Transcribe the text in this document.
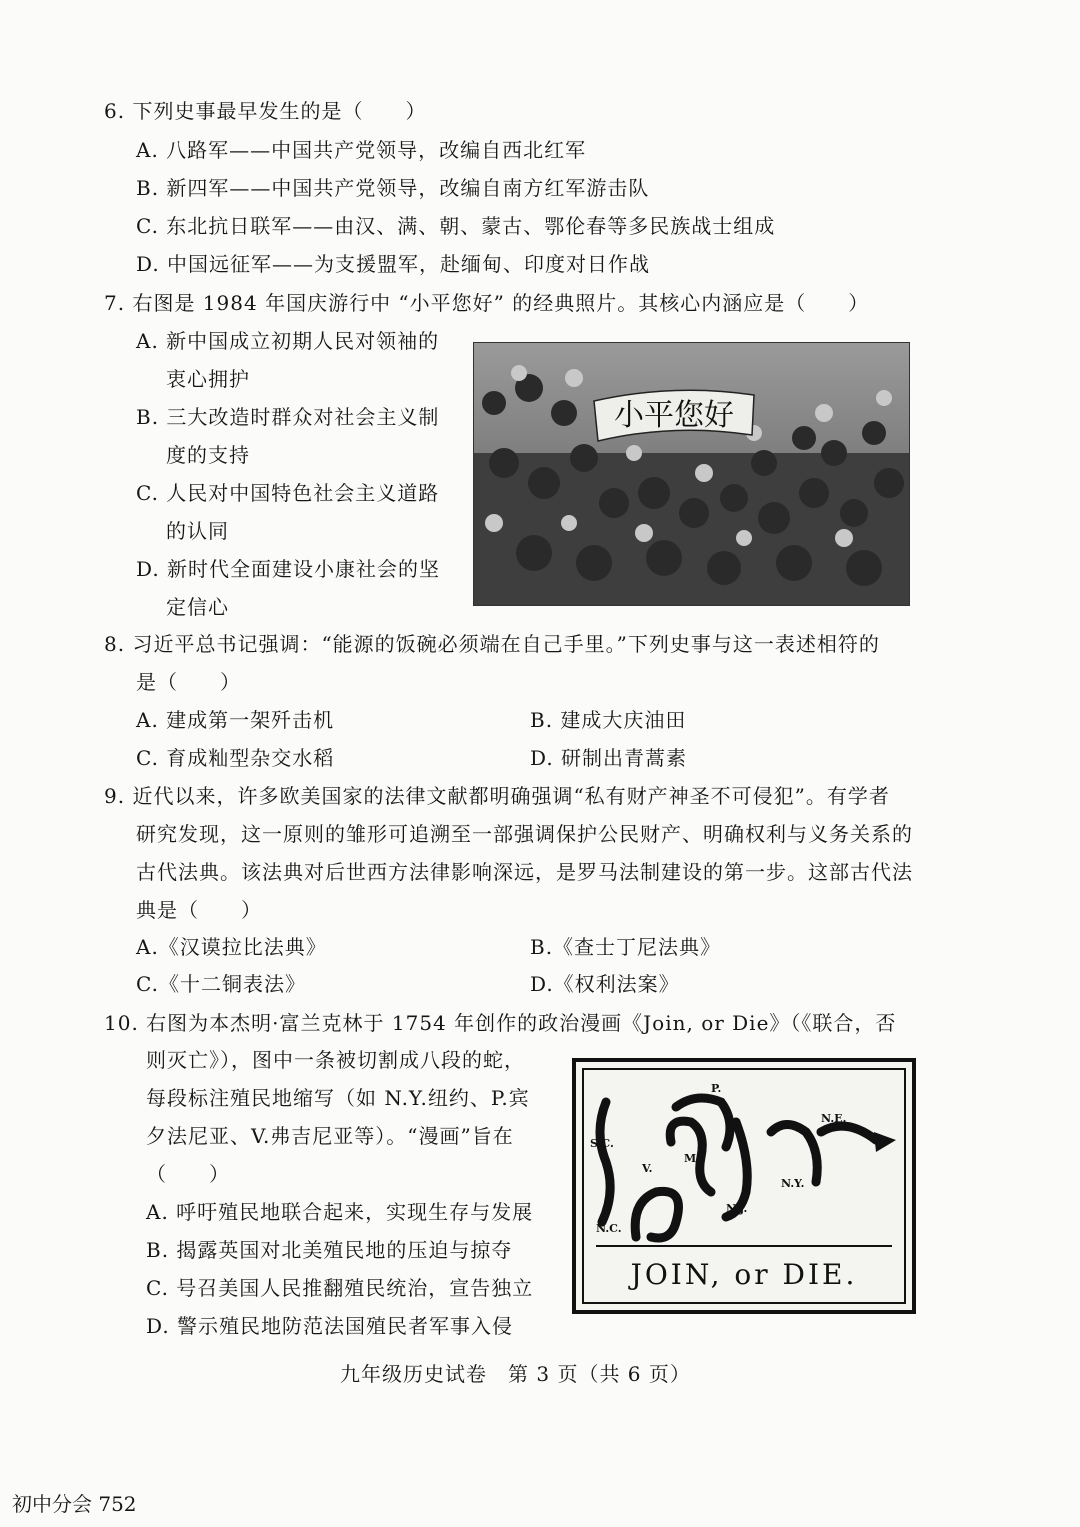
6. 下列史事最早发生的是（　　）
A. 八路军——中国共产党领导，改编自西北红军
B. 新四军——中国共产党领导，改编自南方红军游击队
C. 东北抗日联军——由汉、满、朝、蒙古、鄂伦春等多民族战士组成
D. 中国远征军——为支援盟军，赴缅甸、印度对日作战
7. 右图是 1984 年国庆游行中 “小平您好” 的经典照片。其核心内涵应是（　　）
A. 新中国成立初期人民对领袖的
衷心拥护
B. 三大改造时群众对社会主义制
度的支持
C. 人民对中国特色社会主义道路
的认同
D. 新时代全面建设小康社会的坚
定信心
小平您好
8. 习近平总书记强调：“能源的饭碗必须端在自己手里。”下列史事与这一表述相符的
是（　　）
A. 建成第一架歼击机	B. 建成大庆油田
C. 育成籼型杂交水稻	D. 研制出青蒿素
9. 近代以来，许多欧美国家的法律文献都明确强调“私有财产神圣不可侵犯”。有学者
研究发现，这一原则的雏形可追溯至一部强调保护公民财产、明确权利与义务关系的
古代法典。该法典对后世西方法律影响深远，是罗马法制建设的第一步。这部古代法
典是（　　）
A.《汉谟拉比法典》	B.《查士丁尼法典》
C.《十二铜表法》	D.《权利法案》
10. 右图为本杰明·富兰克林于 1754 年创作的政治漫画《Join, or Die》（《联合，否
则灭亡》），图中一条被切割成八段的蛇，
每段标注殖民地缩写（如 N.Y.纽约、P.宾
夕法尼亚、V.弗吉尼亚等）。“漫画”旨在
（　　）
A. 呼吁殖民地联合起来，实现生存与发展
B. 揭露英国对北美殖民地的压迫与掠夺
C. 号召美国人民推翻殖民统治，宣告独立
D. 警示殖民地防范法国殖民者军事入侵
S.C.
N.C.
V.
M.
P.
N.J.
N.Y.
N.E.
JOIN, or DIE.
九年级历史试卷　第 3 页（共 6 页）
初中分会 752
